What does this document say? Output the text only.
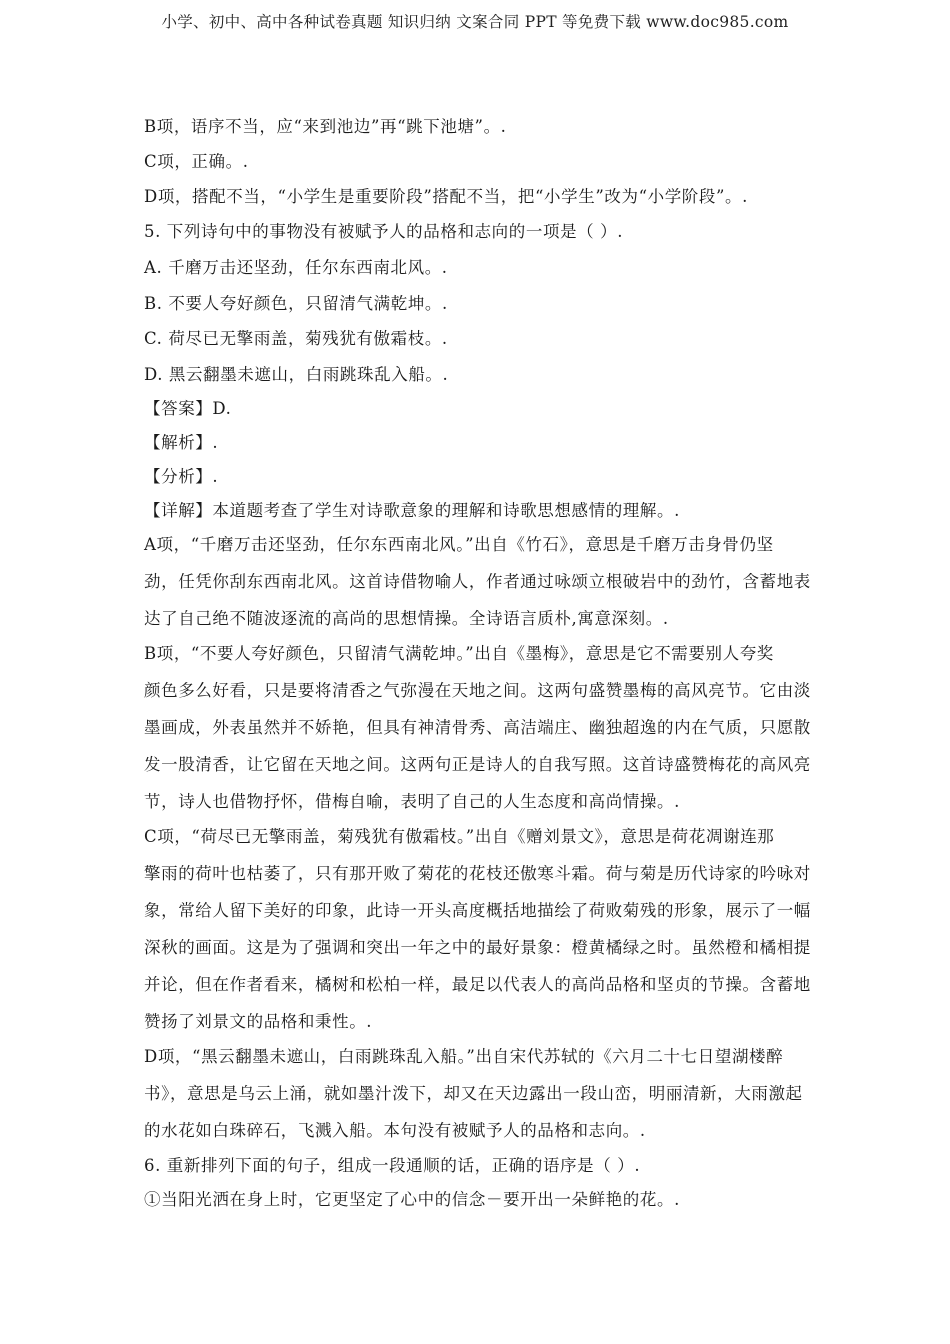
小学、初中、高中各种试卷真题 知识归纳 文案合同 PPT 等免费下载 www.doc985.com
B项，语序不当，应“来到池边”再“跳下池塘”。.
C项，正确。.
D项，搭配不当，“小学生是重要阶段”搭配不当，把“小学生”改为“小学阶段”。.
5. 下列诗句中的事物没有被赋予人的品格和志向的一项是（ ）.
A. 千磨万击还坚劲，任尔东西南北风。.
B. 不要人夸好颜色，只留清气满乾坤。.
C. 荷尽已无擎雨盖，菊残犹有傲霜枝。.
D. 黑云翻墨未遮山，白雨跳珠乱入船。.
【答案】D.
【解析】.
【分析】.
【详解】本道题考查了学生对诗歌意象的理解和诗歌思想感情的理解。.
A项，“千磨万击还坚劲，任尔东西南北风。”出自《竹石》，意思是千磨万击身骨仍坚
劲，任凭你刮东西南北风。这首诗借物喻人，作者通过咏颂立根破岩中的劲竹，含蓄地表
达了自己绝不随波逐流的高尚的思想情操。全诗语言质朴,寓意深刻。.
B项，“不要人夸好颜色，只留清气满乾坤。”出自《墨梅》，意思是它不需要别人夸奖
颜色多么好看，只是要将清香之气弥漫在天地之间。这两句盛赞墨梅的高风亮节。它由淡
墨画成，外表虽然并不娇艳，但具有神清骨秀、高洁端庄、幽独超逸的内在气质，只愿散
发一股清香，让它留在天地之间。这两句正是诗人的自我写照。这首诗盛赞梅花的高风亮
节，诗人也借物抒怀，借梅自喻，表明了自己的人生态度和高尚情操。.
C项，“荷尽已无擎雨盖，菊残犹有傲霜枝。”出自《赠刘景文》，意思是荷花凋谢连那
擎雨的荷叶也枯萎了，只有那开败了菊花的花枝还傲寒斗霜。荷与菊是历代诗家的吟咏对
象，常给人留下美好的印象，此诗一开头高度概括地描绘了荷败菊残的形象，展示了一幅
深秋的画面。这是为了强调和突出一年之中的最好景象：橙黄橘绿之时。虽然橙和橘相提
并论，但在作者看来，橘树和松柏一样，最足以代表人的高尚品格和坚贞的节操。含蓄地
赞扬了刘景文的品格和秉性。.
D项，“黑云翻墨未遮山，白雨跳珠乱入船。”出自宋代苏轼的《六月二十七日望湖楼醉
书》，意思是乌云上涌，就如墨汁泼下，却又在天边露出一段山峦，明丽清新，大雨激起
的水花如白珠碎石，飞溅入船。本句没有被赋予人的品格和志向。.
6. 重新排列下面的句子，组成一段通顺的话，正确的语序是（ ）.
①当阳光洒在身上时，它更坚定了心中的信念－要开出一朵鲜艳的花。.
